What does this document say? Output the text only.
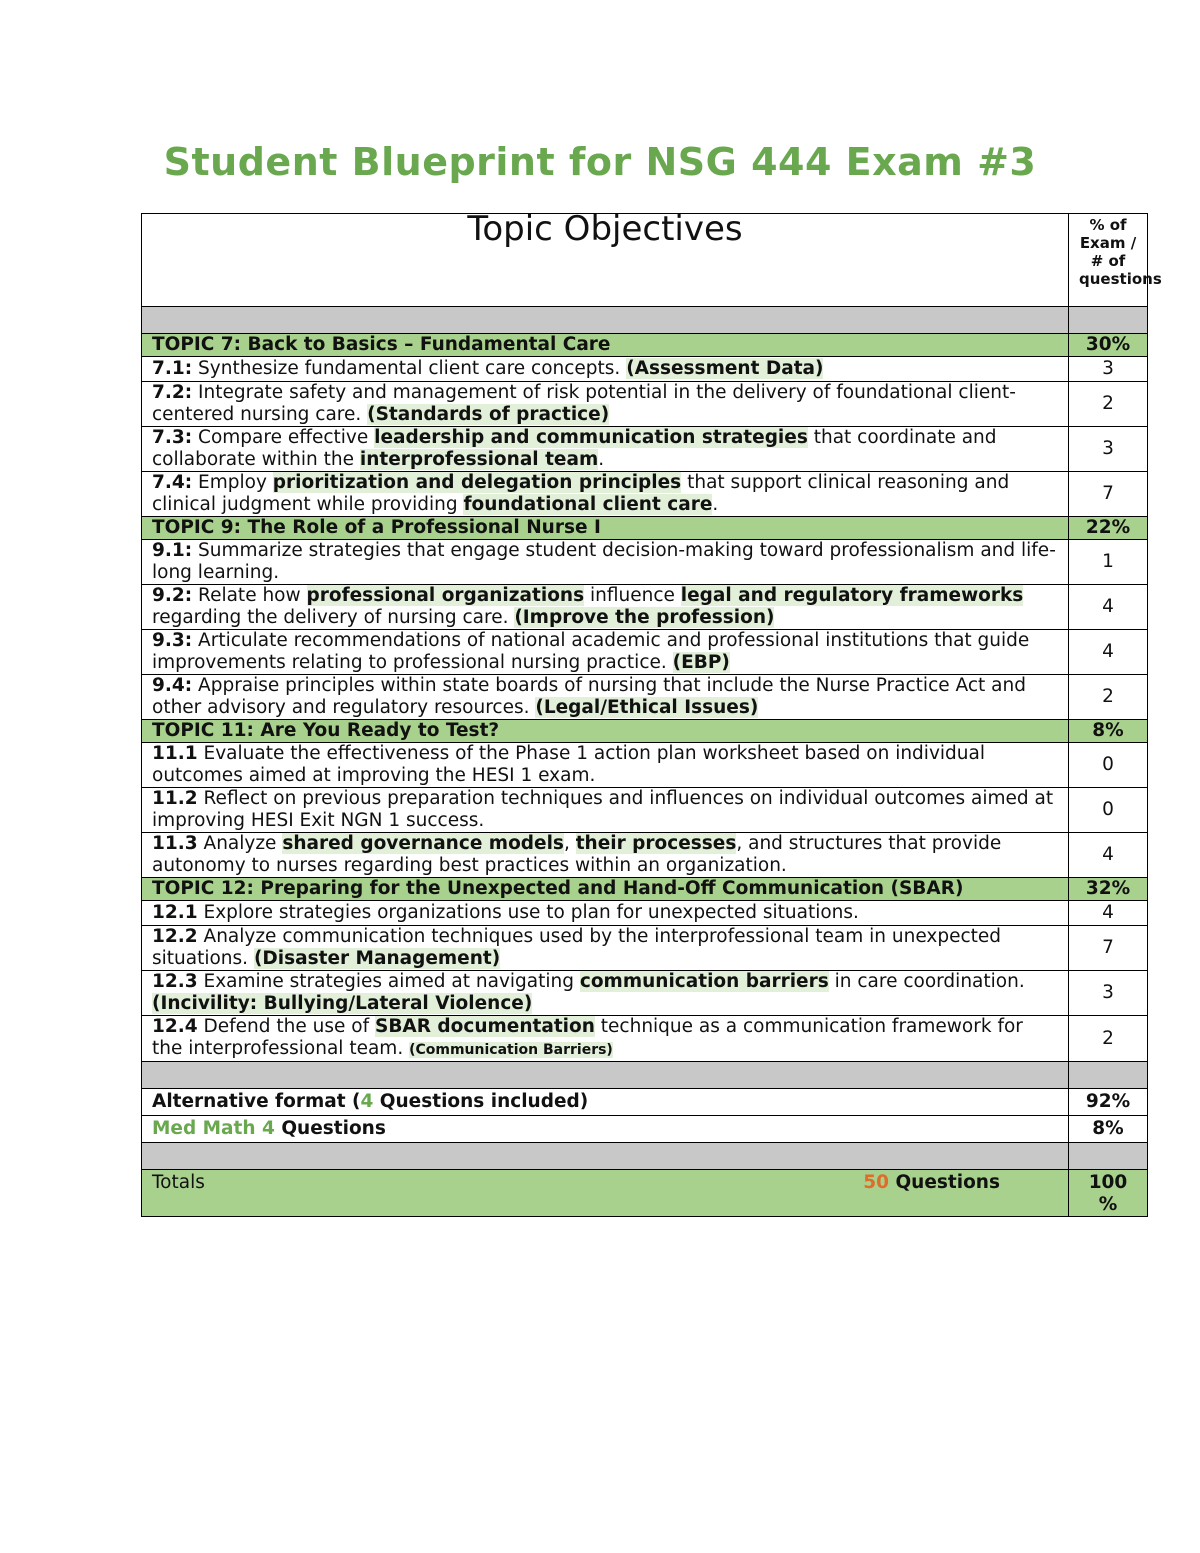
Student Blueprint for NSG 444 Exam #3
Topic Objectives	% of Exam / # of questions

TOPIC 7: Back to Basics – Fundamental Care	30%
7.1: Synthesize fundamental client care concepts. (Assessment Data)	3
7.2: Integrate safety and management of risk potential in the delivery of foundational client-centered nursing care. (Standards of practice)	2
7.3: Compare effective leadership and communication strategies that coordinate and collaborate within the interprofessional team.	3
7.4: Employ prioritization and delegation principles that support clinical reasoning and clinical judgment while providing foundational client care.	7
TOPIC 9: The Role of a Professional Nurse I	22%
9.1: Summarize strategies that engage student decision-making toward professionalism and life-long learning.	1
9.2: Relate how professional organizations influence legal and regulatory frameworks regarding the delivery of nursing care. (Improve the profession)	4
9.3: Articulate recommendations of national academic and professional institutions that guide improvements relating to professional nursing practice. (EBP)	4
9.4: Appraise principles within state boards of nursing that include the Nurse Practice Act and other advisory and regulatory resources. (Legal/Ethical Issues)	2
TOPIC 11: Are You Ready to Test?	8%
11.1 Evaluate the effectiveness of the Phase 1 action plan worksheet based on individual outcomes aimed at improving the HESI 1 exam.	0
11.2 Reflect on previous preparation techniques and influences on individual outcomes aimed at improving HESI Exit NGN 1 success.	0
11.3 Analyze shared governance models, their processes, and structures that provide autonomy to nurses regarding best practices within an organization.	4
TOPIC 12: Preparing for the Unexpected and Hand-Off Communication (SBAR)	32%
12.1 Explore strategies organizations use to plan for unexpected situations.	4
12.2 Analyze communication techniques used by the interprofessional team in unexpected situations. (Disaster Management)	7
12.3 Examine strategies aimed at navigating communication barriers in care coordination. (Incivility: Bullying/Lateral Violence)	3
12.4 Defend the use of SBAR documentation technique as a communication framework for the interprofessional team. (Communication Barriers)	2

Alternative format (4 Questions included)	92%
Med Math 4 Questions	8%

Totals 50 Questions	100 %
